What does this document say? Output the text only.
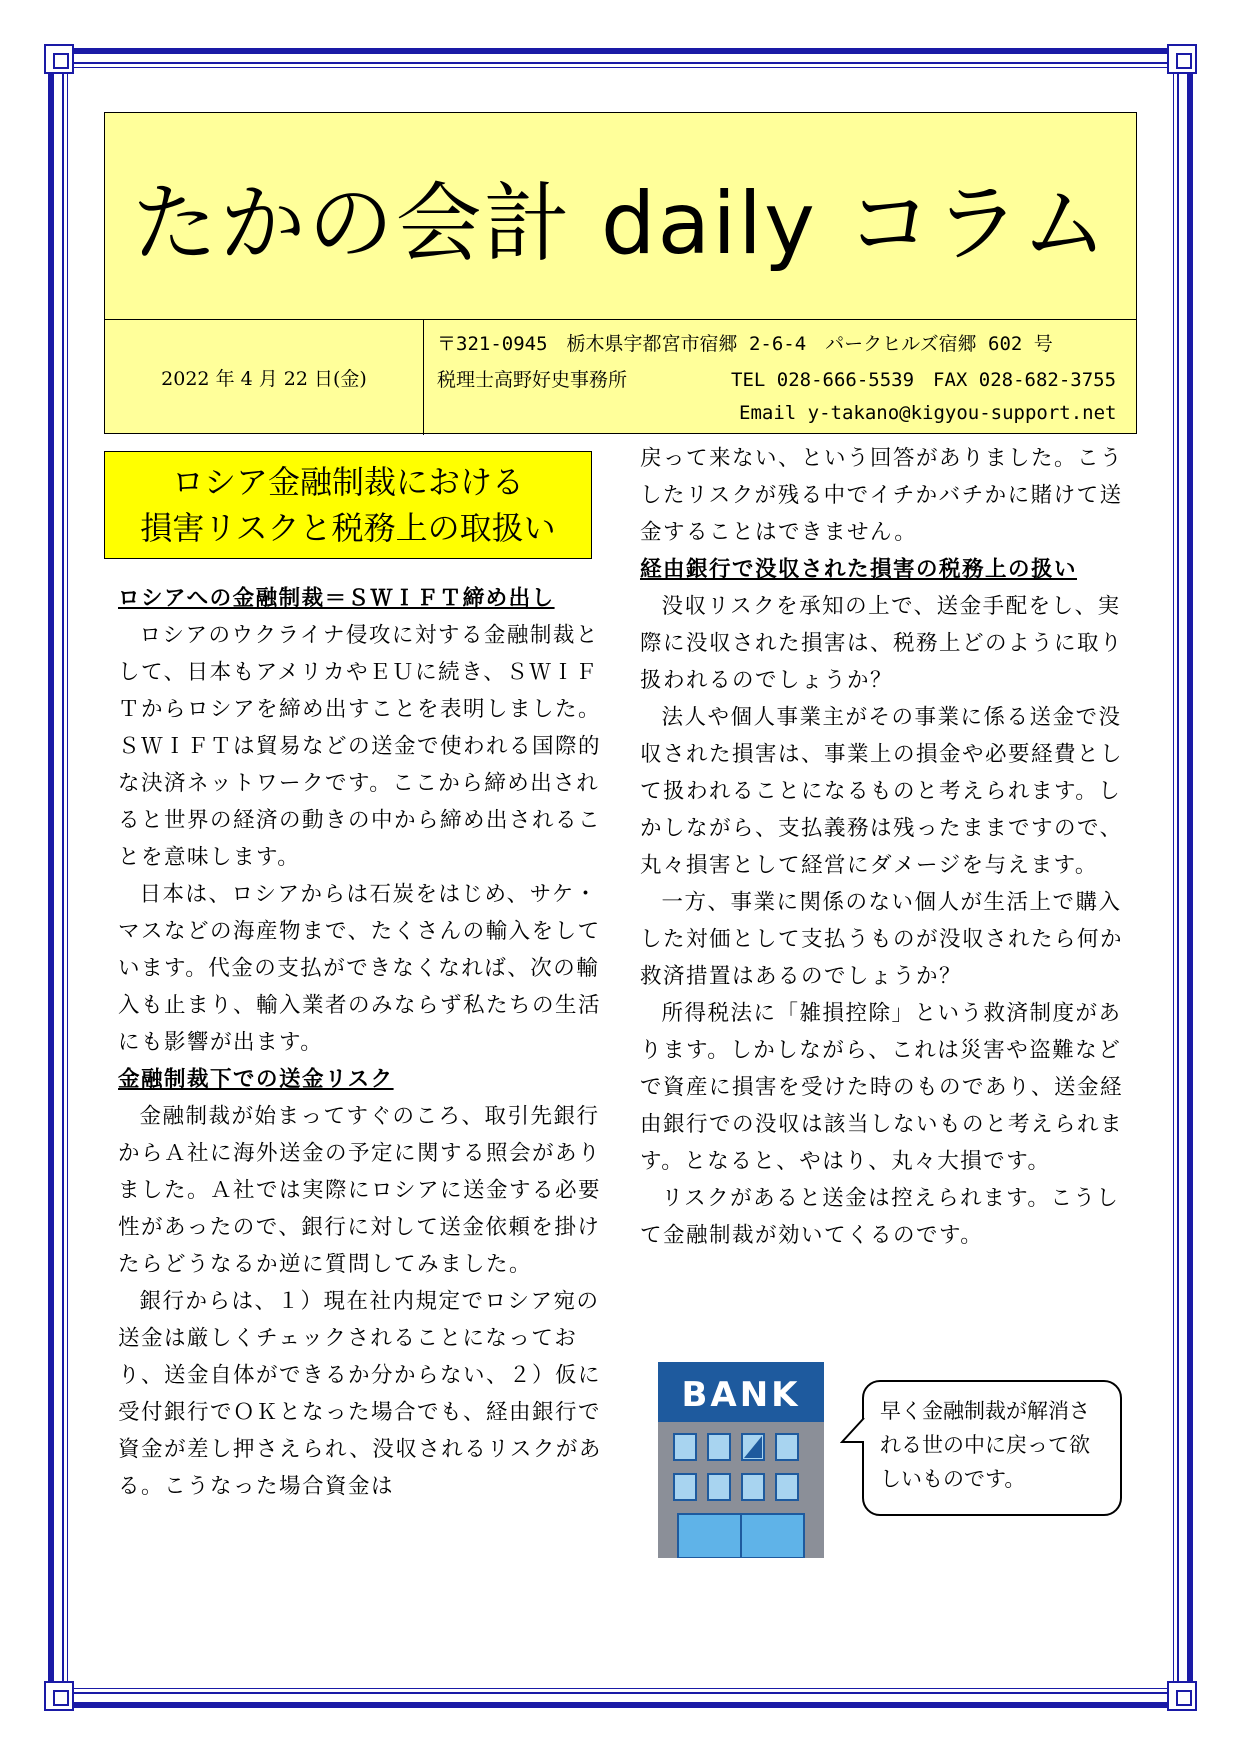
たかの会計 daily コラム
2022 年 4 月 22 日(金)
〒321-0945　栃木県宇都宮市宿郷 2-6-4　パークヒルズ宿郷 602 号
税理士高野好史事務所	TEL 028-666-5539　FAX 028-682-3755
Email y-takano@kigyou-support.net
ロシア金融制裁における
損害リスクと税務上の取扱い

ロシアへの金融制裁＝ＳＷＩＦＴ締め出し

ロシアのウクライナ侵攻に対する金融制裁として、日本もアメリカやＥＵに続き、ＳＷＩＦＴからロシアを締め出すことを表明しました。ＳＷＩＦＴは貿易などの送金で使われる国際的な決済ネットワークです。ここから締め出されると世界の経済の動きの中から締め出されることを意味します。

日本は、ロシアからは石炭をはじめ、サケ・マスなどの海産物まで、たくさんの輸入をしています。代金の支払ができなくなれば、次の輸入も止まり、輸入業者のみならず私たちの生活にも影響が出ます。

金融制裁下での送金リスク

金融制裁が始まってすぐのころ、取引先銀行からＡ社に海外送金の予定に関する照会がありました。Ａ社では実際にロシアに送金する必要性があったので、銀行に対して送金依頼を掛けたらどうなるか逆に質問してみました。

銀行からは、１）現在社内規定でロシア宛の送金は厳しくチェックされることになっており、送金自体ができるか分からない、２）仮に受付銀行でＯＫとなった場合でも、経由銀行で資金が差し押さえられ、没収されるリスクがある。こうなった場合資金は

戻って来ない、という回答がありました。こうしたリスクが残る中でイチかバチかに賭けて送金することはできません。

経由銀行で没収された損害の税務上の扱い

没収リスクを承知の上で、送金手配をし、実際に没収された損害は、税務上どのように取り扱われるのでしょうか？

法人や個人事業主がその事業に係る送金で没収された損害は、事業上の損金や必要経費として扱われることになるものと考えられます。しかしながら、支払義務は残ったままですので、丸々損害として経営にダメージを与えます。

一方、事業に関係のない個人が生活上で購入した対価として支払うものが没収されたら何か救済措置はあるのでしょうか？

所得税法に「雑損控除」という救済制度があります。しかしながら、これは災害や盗難などで資産に損害を受けた時のものであり、送金経由銀行での没収は該当しないものと考えられます。となると、やはり、丸々大損です。

リスクがあると送金は控えられます。こうして金融制裁が効いてくるのです。

BANK	早く金融制裁が解消される世の中に戻って欲しいものです。
